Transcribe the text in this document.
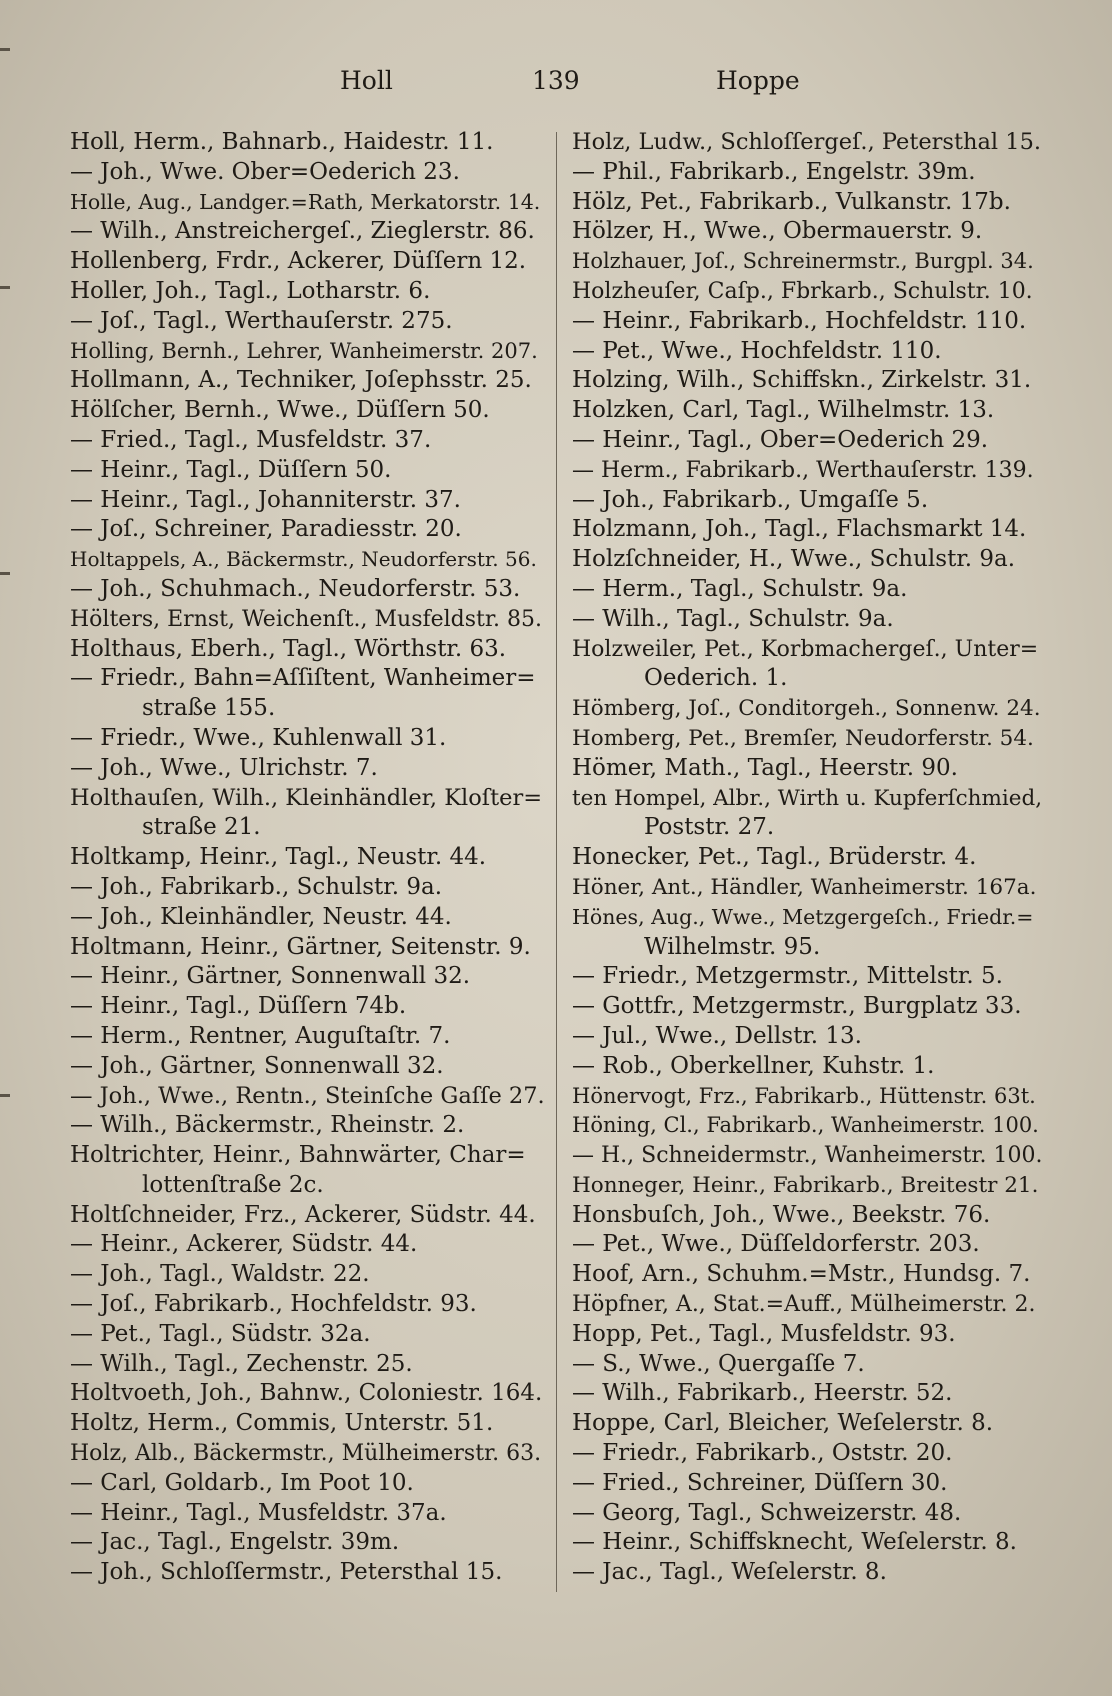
Holl	139	Hoppe
Holl, Herm., Bahnarb., Haidestr. 11.
— Joh., Wwe. Ober=Oederich 23.
Holle, Aug., Landger.=Rath, Merkatorstr. 14.
— Wilh., Anstreichergeſ., Zieglerstr. 86.
Hollenberg, Frdr., Ackerer, Düſſern 12.
Holler, Joh., Tagl., Lotharstr. 6.
— Joſ., Tagl., Werthauſerstr. 275.
Holling, Bernh., Lehrer, Wanheimerstr. 207.
Hollmann, A., Techniker, Joſephsstr. 25.
Hölſcher, Bernh., Wwe., Düſſern 50.
— Fried., Tagl., Musfeldstr. 37.
— Heinr., Tagl., Düſſern 50.
— Heinr., Tagl., Johanniterstr. 37.
— Joſ., Schreiner, Paradiesstr. 20.
Holtappels, A., Bäckermstr., Neudorferstr. 56.
— Joh., Schuhmach., Neudorferstr. 53.
Hölters, Ernst, Weichenſt., Musfeldstr. 85.
Holthaus, Eberh., Tagl., Wörthstr. 63.
— Friedr., Bahn=Aſſiſtent, Wanheimer=
straße 155.
— Friedr., Wwe., Kuhlenwall 31.
— Joh., Wwe., Ulrichstr. 7.
Holthauſen, Wilh., Kleinhändler, Kloſter=
straße 21.
Holtkamp, Heinr., Tagl., Neustr. 44.
— Joh., Fabrikarb., Schulstr. 9a.
— Joh., Kleinhändler, Neustr. 44.
Holtmann, Heinr., Gärtner, Seitenstr. 9.
— Heinr., Gärtner, Sonnenwall 32.
— Heinr., Tagl., Düſſern 74b.
— Herm., Rentner, Auguſtaſtr. 7.
— Joh., Gärtner, Sonnenwall 32.
— Joh., Wwe., Rentn., Steinſche Gaſſe 27.
— Wilh., Bäckermstr., Rheinstr. 2.
Holtrichter, Heinr., Bahnwärter, Char=
lottenſtraße 2c.
Holtſchneider, Frz., Ackerer, Südstr. 44.
— Heinr., Ackerer, Südstr. 44.
— Joh., Tagl., Waldstr. 22.
— Joſ., Fabrikarb., Hochfeldstr. 93.
— Pet., Tagl., Südstr. 32a.
— Wilh., Tagl., Zechenstr. 25.
Holtvoeth, Joh., Bahnw., Coloniestr. 164.
Holtz, Herm., Commis, Unterstr. 51.
Holz, Alb., Bäckermstr., Mülheimerstr. 63.
— Carl, Goldarb., Im Poot 10.
— Heinr., Tagl., Musfeldstr. 37a.
— Jac., Tagl., Engelstr. 39m.
— Joh., Schloſſermstr., Petersthal 15.
Holz, Ludw., Schloſſergeſ., Petersthal 15.
— Phil., Fabrikarb., Engelstr. 39m.
Hölz, Pet., Fabrikarb., Vulkanstr. 17b.
Hölzer, H., Wwe., Obermauerstr. 9.
Holzhauer, Joſ., Schreinermstr., Burgpl. 34.
Holzheuſer, Caſp., Fbrkarb., Schulstr. 10.
— Heinr., Fabrikarb., Hochfeldstr. 110.
— Pet., Wwe., Hochfeldstr. 110.
Holzing, Wilh., Schiffskn., Zirkelstr. 31.
Holzken, Carl, Tagl., Wilhelmstr. 13.
— Heinr., Tagl., Ober=Oederich 29.
— Herm., Fabrikarb., Werthauſerstr. 139.
— Joh., Fabrikarb., Umgaſſe 5.
Holzmann, Joh., Tagl., Flachsmarkt 14.
Holzſchneider, H., Wwe., Schulstr. 9a.
— Herm., Tagl., Schulstr. 9a.
— Wilh., Tagl., Schulstr. 9a.
Holzweiler, Pet., Korbmachergeſ., Unter=
Oederich. 1.
Hömberg, Joſ., Conditorgeh., Sonnenw. 24.
Homberg, Pet., Bremſer, Neudorferstr. 54.
Hömer, Math., Tagl., Heerstr. 90.
ten Hompel, Albr., Wirth u. Kupferſchmied,
Poststr. 27.
Honecker, Pet., Tagl., Brüderstr. 4.
Höner, Ant., Händler, Wanheimerstr. 167a.
Hönes, Aug., Wwe., Metzgergeſch., Friedr.=
Wilhelmstr. 95.
— Friedr., Metzgermstr., Mittelstr. 5.
— Gottfr., Metzgermstr., Burgplatz 33.
— Jul., Wwe., Dellstr. 13.
— Rob., Oberkellner, Kuhstr. 1.
Hönervogt, Frz., Fabrikarb., Hüttenstr. 63t.
Höning, Cl., Fabrikarb., Wanheimerstr. 100.
— H., Schneidermstr., Wanheimerstr. 100.
Honneger, Heinr., Fabrikarb., Breitestr 21.
Honsbuſch, Joh., Wwe., Beekstr. 76.
— Pet., Wwe., Düſſeldorferstr. 203.
Hoof, Arn., Schuhm.=Mstr., Hundsg. 7.
Höpfner, A., Stat.=Auff., Mülheimerstr. 2.
Hopp, Pet., Tagl., Musfeldstr. 93.
— S., Wwe., Quergaſſe 7.
— Wilh., Fabrikarb., Heerstr. 52.
Hoppe, Carl, Bleicher, Weſelerstr. 8.
— Friedr., Fabrikarb., Oststr. 20.
— Fried., Schreiner, Düſſern 30.
— Georg, Tagl., Schweizerstr. 48.
— Heinr., Schiffsknecht, Weſelerstr. 8.
— Jac., Tagl., Weſelerstr. 8.
